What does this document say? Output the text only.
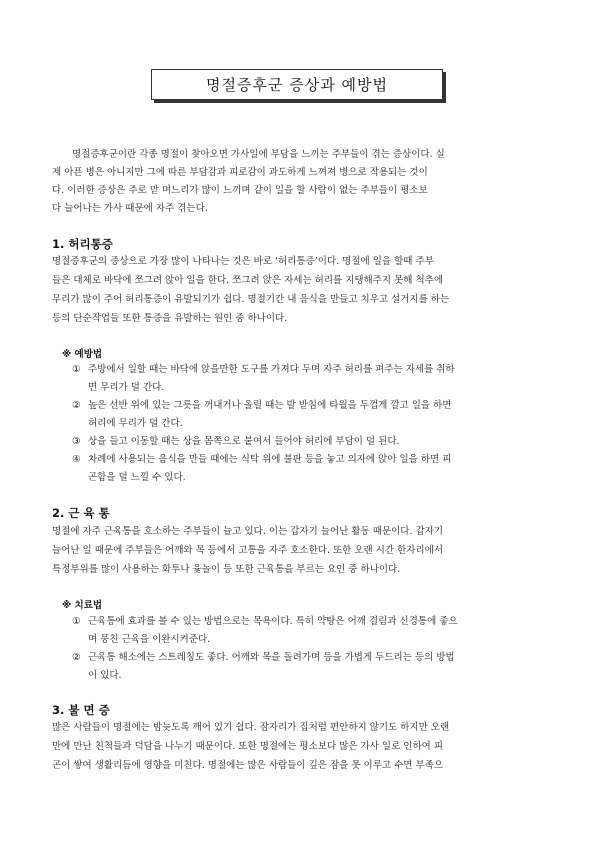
명절증후군 증상과 예방법
명절증후군이란 각종 명절이 찾아오면 가사일에 부담을 느끼는 주부들이 겪는 증상이다. 실
제 아픈 병은 아니지만 그에 따른 부담감과 피로감이 과도하게 느껴져 병으로 작용되는 것이
다. 이러한 증상은 주로 맏 며느리가 많이 느끼며 같이 일을 할 사람이 없는 주부들이 평소보
다 늘어나는 가사 때문에 자주 겪는다.
1. 허리통증
명절증후군의 증상으로 가장 많이 나타나는 것은 바로 ‘허리통증’이다. 명절에 일을 할때 주부
들은 대체로 바닥에 쪼그려 앉아 일을 한다. 쪼그려 앉은 자세는 허리를 지탱해주지 못해 척추에
무리가 많이 주어 허리통증이 유발되기가 쉽다. 명절기간 내 음식을 만들고 치우고 설거지를 하는
등의 단순작업들 또한 통증을 유발하는 원인 중 하나이다.
※ 예방법
① 주방에서 일할 때는 바닥에 앉을만한 도구를 가져다 두며 자주 허리를 펴주는 자세를 취하
면 무리가 덜 간다.
② 높은 선반 위에 있는 그릇을 꺼내거나 올릴 때는 발 받침에 타월을 두껍게 깔고 일을 하면
허리에 무리가 덜 간다.
③ 상을 들고 이동할 때는 상을 몸쪽으로 붙여서 들어야 허리에 부담이 덜 된다.
④ 차례에 사용되는 음식을 만들 때에는 식탁 위에 불판 등을 놓고 의자에 앉아 일을 하면 피
곤함을 덜 느낄 수 있다.
2. 근 육 통
명절에 자주 근육통을 호소하는 주부들이 늘고 있다. 이는 갑자기 늘어난 활동 때문이다. 갑자기
늘어난 일 때문에 주부들은 어깨와 목 등에서 고통을 자주 호소한다. 또한 오랜 시간 한자리에서
특정부위를 많이 사용하는 화투나 윷놀이 등 또한 근육통을 부르는 요인 중 하나이다.
※ 치료법
① 근육통에 효과를 볼 수 있는 방법으로는 목욕이다. 특히 약탕은 어깨 결림과 신경통에 좋으
며 뭉친 근육을 이완시켜준다.
② 근육통 해소에는 스트레칭도 좋다. 어깨와 목을 돌려가며 등을 가볍게 두드리는 등의 방법
이 있다.
3. 불 면 증
많은 사람들이 명절에는 밤늦도록 깨어 있기 쉽다. 잠자리가 집처럼 편안하지 않기도 하지만 오랜
만에 만난 친척들과 덕담을 나누기 때문이다. 또한 명절에는 평소보다 많은 가사 일로 인하여 피
곤이 쌓여 생활리듬에 영향을 미친다. 명절에는 많은 사람들이 깊은 잠을 못 이루고 수면 부족으
